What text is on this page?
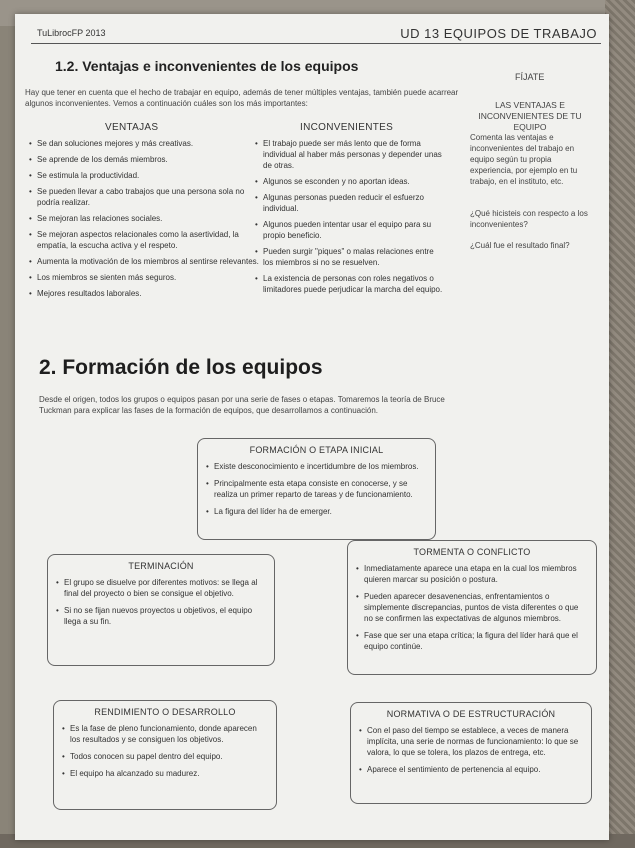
TuLibrocFP 2013	UD 13 EQUIPOS DE TRABAJO
1.2. Ventajas e inconvenientes de los equipos
Hay que tener en cuenta que el hecho de trabajar en equipo, además de tener múltiples ventajas, también puede acarrear algunos inconvenientes. Vemos a continuación cuáles son los más importantes:
VENTAJAS	INCONVENIENTES
• Se dan soluciones mejores y más creativas.
• Se aprende de los demás miembros.
• Se estimula la productividad.
• Se pueden llevar a cabo trabajos que una persona sola no podría realizar.
• Se mejoran las relaciones sociales.
• Se mejoran aspectos relacionales como la asertividad, la empatía, la escucha activa y el respeto.
• Aumenta la motivación de los miembros al sentirse relevantes.
• Los miembros se sienten más seguros.
• Mejores resultados laborales.
• El trabajo puede ser más lento que de forma individual al haber más personas y depender unas de otras.
• Algunos se esconden y no aportan ideas.
• Algunas personas pueden reducir el esfuerzo individual.
• Algunos pueden intentar usar el equipo para su propio beneficio.
• Pueden surgir "piques" o malas relaciones entre los miembros si no se resuelven.
• La existencia de personas con roles negativos o limitadores puede perjudicar la marcha del equipo.
FÍJATE
LAS VENTAJAS E INCONVENIENTES DE TU EQUIPO
Comenta las ventajas e inconvenientes del trabajo en equipo según tu propia experiencia, por ejemplo en tu trabajo, en el instituto, etc.
¿Qué hicisteis con respecto a los inconvenientes?
¿Cuál fue el resultado final?
2. Formación de los equipos
Desde el origen, todos los grupos o equipos pasan por una serie de fases o etapas. Tomaremos la teoría de Bruce Tuckman para explicar las fases de la formación de equipos, que desarrollamos a continuación.
FORMACIÓN O ETAPA INICIAL
• Existe desconocimiento e incertidumbre de los miembros.
• Principalmente esta etapa consiste en conocerse, y se realiza un primer reparto de tareas y de funcionamiento.
• La figura del líder ha de emerger.
TORMENTA O CONFLICTO
• Inmediatamente aparece una etapa en la cual los miembros quieren marcar su posición o postura.
• Pueden aparecer desavenencias, enfrentamientos o simplemente discrepancias, puntos de vista diferentes o que no se confirmen las expectativas de algunos miembros.
• Fase que ser una etapa crítica; la figura del líder hará que el equipo continúe.
TERMINACIÓN
• El grupo se disuelve por diferentes motivos: se llega al final del proyecto o bien se consigue el objetivo.
• Si no se fijan nuevos proyectos u objetivos, el equipo llega a su fin.
RENDIMIENTO O DESARROLLO
• Es la fase de pleno funcionamiento, donde aparecen los resultados y se consiguen los objetivos.
• Todos conocen su papel dentro del equipo.
• El equipo ha alcanzado su madurez.
NORMATIVA O DE ESTRUCTURACIÓN
• Con el paso del tiempo se establece, a veces de manera implícita, una serie de normas de funcionamiento: lo que se valora, lo que se tolera, los plazos de entrega, etc.
• Aparece el sentimiento de pertenencia al equipo.
